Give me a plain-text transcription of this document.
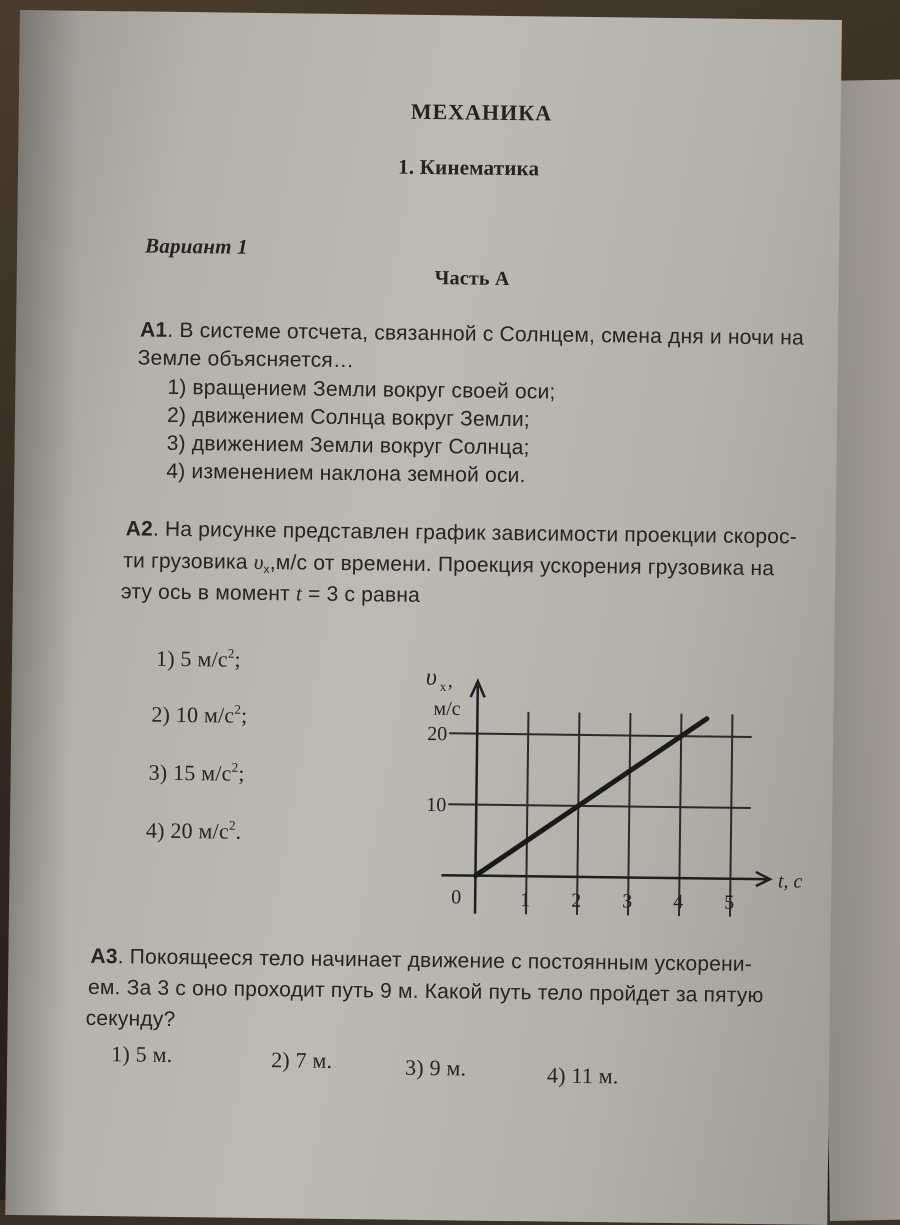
МЕХАНИКА
1. Кинематика
Вариант 1
Часть А
А1. В системе отсчета, связанной с Солнцем, смена дня и ночи на
Земле объясняется…
1) вращением Земли вокруг своей оси;
2) движением Солнца вокруг Земли;
3) движением Земли вокруг Солнца;
4) изменением наклона земной оси.
А2. На рисунке представлен график зависимости проекции скорос-
ти грузовика $\upsilon_x,м/с$ от времени. Проекция ускорения грузовика на
эту ось в момент t = 3 с равна
1) 5 $м/с^2$;
2) 10 $м/с^2$;
3) 15 $м/с^2$;
4) 20 $м/с^2$.
1 2 3 4 5
10
20
0
t, с
υ x ,
м/с
А3. Покоящееся тело начинает движение с постоянным ускорени-
ем. За 3 с оно проходит путь 9 м. Какой путь тело пройдет за пятую
секунду?
1) 5 м.	2) 7 м.	3) 9 м.	4) 11 м.
